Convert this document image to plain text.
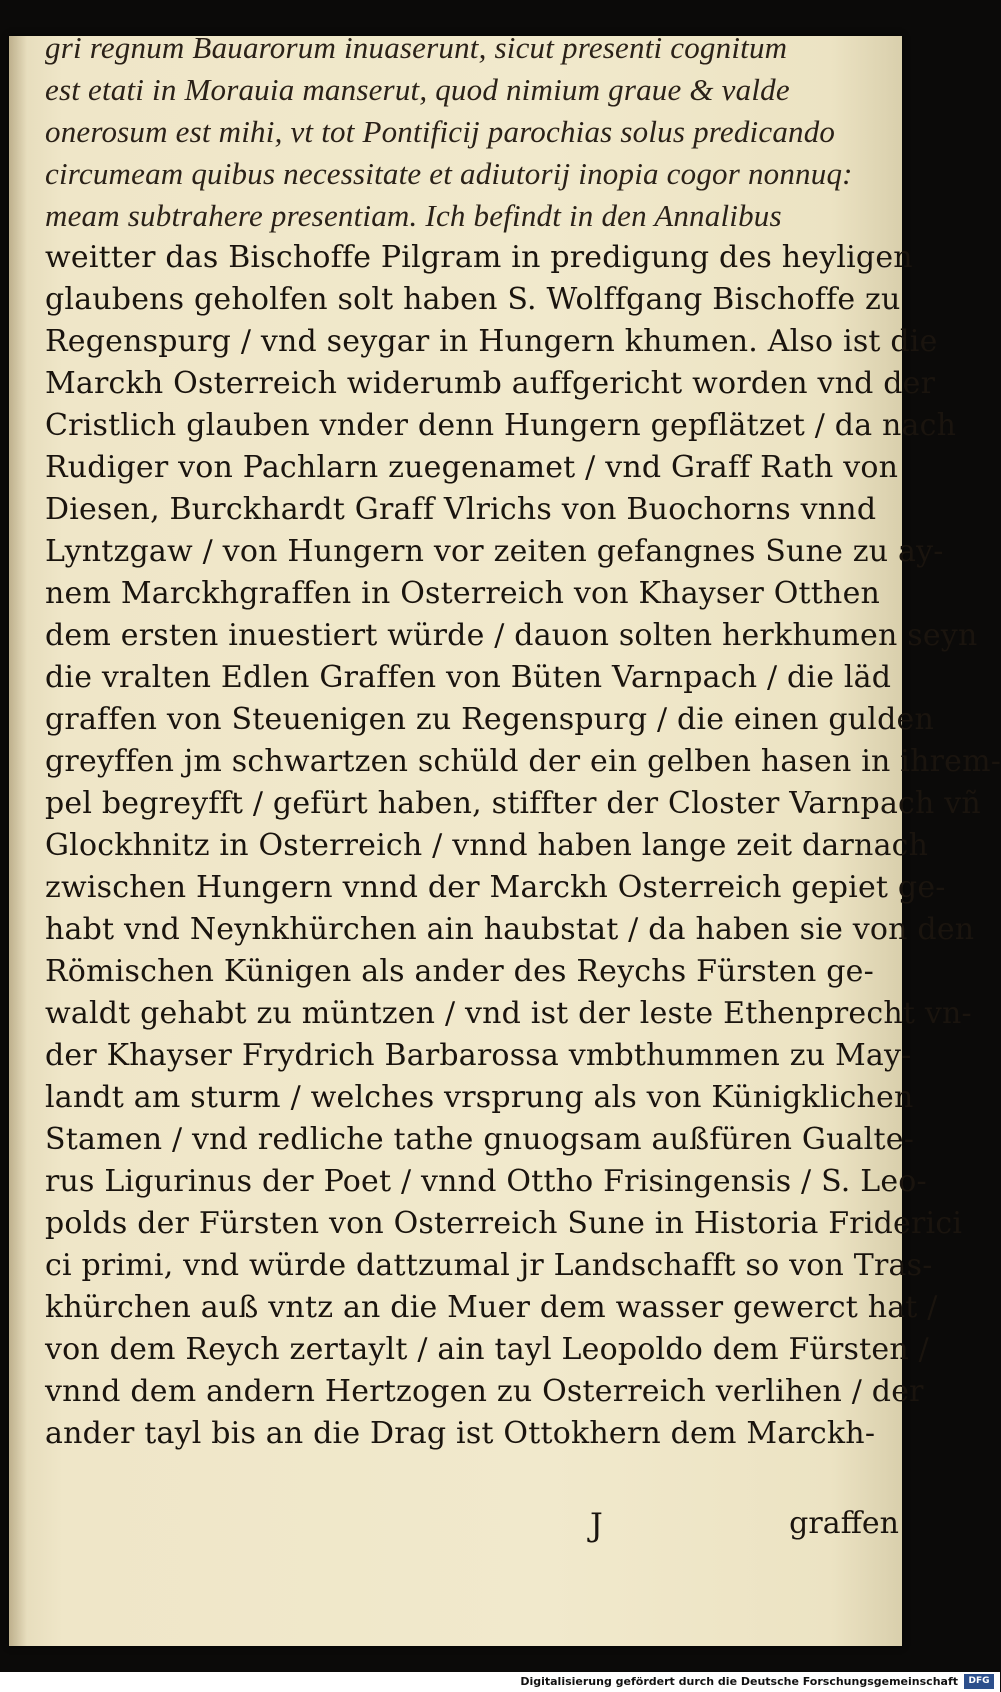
gri regnum Bauarorum inuaserunt, sicut presenti cognitum
est etati in Morauia manserut, quod nimium graue & valde
onerosum est mihi, vt tot Pontificij parochias solus predicando
circumeam quibus necessitate et adiutorij inopia cogor nonnuq:
meam subtrahere presentiam. Ich befindt in den Annalibus
weitter das Bischoffe Pilgram in predigung des heyligen
glaubens geholfen solt haben S. Wolffgang Bischoffe zu
Regenspurg / vnd seygar in Hungern khumen. Also ist die
Marckh Osterreich widerumb auffgericht worden vnd der
Cristlich glauben vnder denn Hungern gepflätzet / da nach
Rudiger von Pachlarn zuegenamet / vnd Graff Rath von
Diesen, Burckhardt Graff Vlrichs von Buochorns vnnd
Lyntzgaw / von Hungern vor zeiten gefangnes Sune zu ay-
nem Marckhgraffen in Osterreich von Khayser Otthen
dem ersten inuestiert würde / dauon solten herkhumen seyn
die vralten Edlen Graffen von Büten Varnpach / die läd
graffen von Steuenigen zu Regenspurg / die einen gulden
greyffen jm schwartzen schüld der ein gelben hasen in ihrem-
pel begreyfft / gefürt haben, stiffter der Closter Varnpach vñ
Glockhnitz in Osterreich / vnnd haben lange zeit darnach
zwischen Hungern vnnd der Marckh Osterreich gepiet ge-
habt vnd Neynkhürchen ain haubstat / da haben sie von den
Römischen Künigen als ander des Reychs Fürsten ge-
waldt gehabt zu müntzen / vnd ist der leste Ethenprecht vn-
der Khayser Frydrich Barbarossa vmbthummen zu May-
landt am sturm / welches vrsprung als von Künigklichen
Stamen / vnd redliche tathe gnuogsam außfüren Gualte-
rus Ligurinus der Poet / vnnd Ottho Frisingensis / S. Leo-
polds der Fürsten von Osterreich Sune in Historia Friderici
ci primi, vnd würde dattzumal jr Landschafft so von Tras-
khürchen auß vntz an die Muer dem wasser gewerct hat /
von dem Reych zertaylt / ain tayl Leopoldo dem Fürsten /
vnnd dem andern Hertzogen zu Osterreich verlihen / der
ander tayl bis an die Drag ist Ottokhern dem Marckh-
J	graffen
Digitalisierung gefördert durch die Deutsche Forschungsgemeinschaft	DFG
